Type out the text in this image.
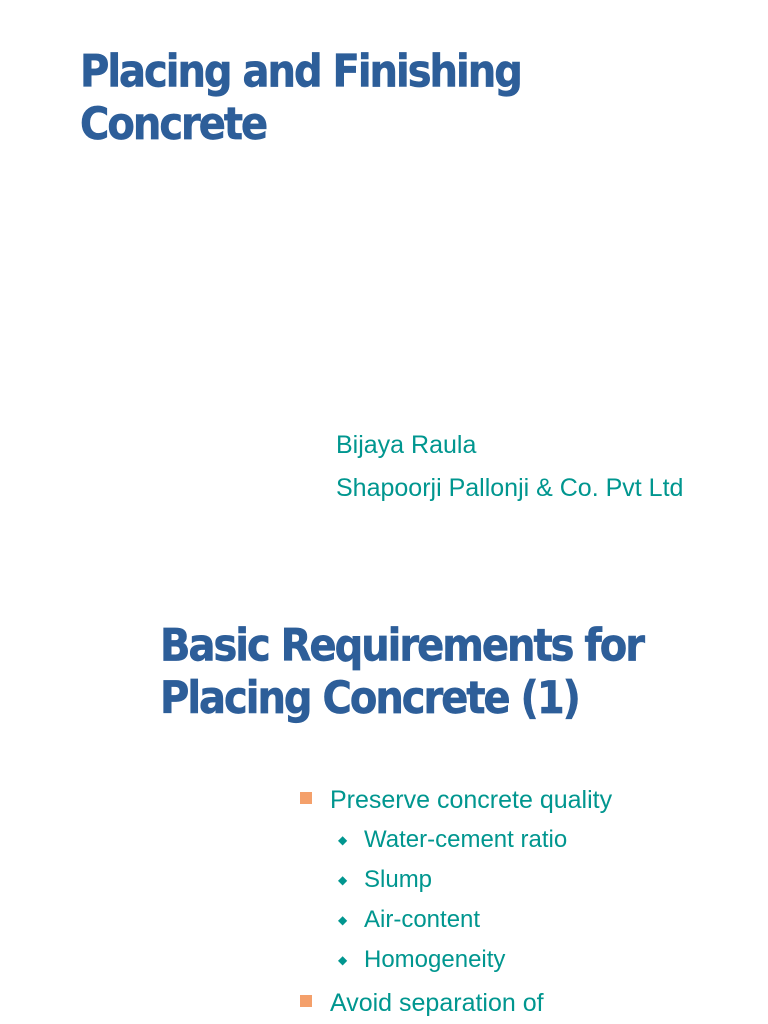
Placing and Finishing
Concrete
Bijaya Raula
Shapoorji Pallonji & Co. Pvt Ltd
Basic Requirements for
Placing Concrete (1)
Preserve concrete quality
◆ Water-cement ratio
◆ Slump
◆ Air-content
◆ Homogeneity
Avoid separation of
